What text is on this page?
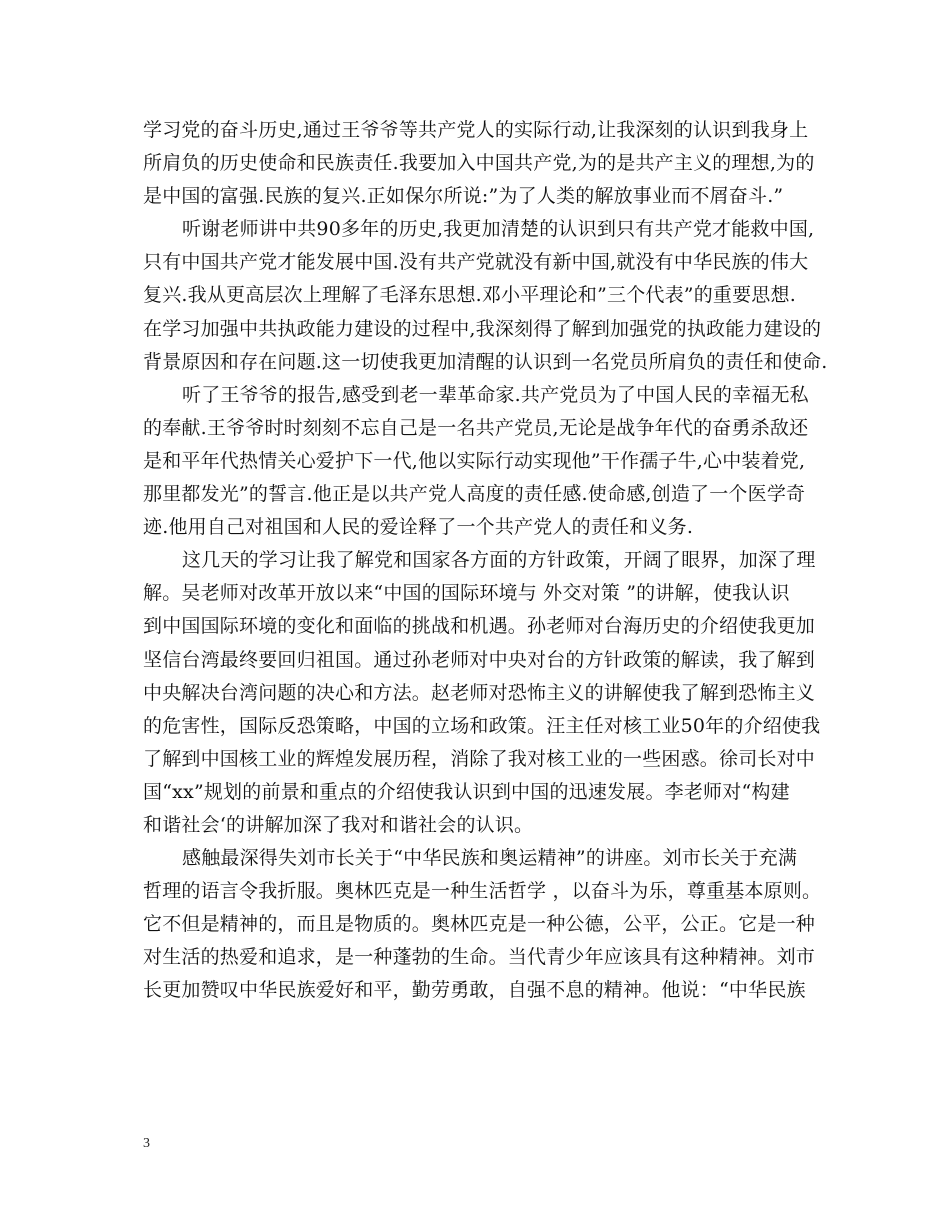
学习党的奋斗历史,通过王爷爷等共产党人的实际行动,让我深刻的认识到我身上
所肩负的历史使命和民族责任.我要加入中国共产党,为的是共产主义的理想,为的
是中国的富强.民族的复兴.正如保尔所说:”为了人类的解放事业而不屑奋斗.”

听谢老师讲中共90多年的历史,我更加清楚的认识到只有共产党才能救中国,
只有中国共产党才能发展中国.没有共产党就没有新中国,就没有中华民族的伟大
复兴.我从更高层次上理解了毛泽东思想.邓小平理论和”三个代表”的重要思想.
在学习加强中共执政能力建设的过程中,我深刻得了解到加强党的执政能力建设的
背景原因和存在问题.这一切使我更加清醒的认识到一名党员所肩负的责任和使命.

听了王爷爷的报告,感受到老一辈革命家.共产党员为了中国人民的幸福无私
的奉献.王爷爷时时刻刻不忘自己是一名共产党员,无论是战争年代的奋勇杀敌还
是和平年代热情关心爱护下一代,他以实际行动实现他”干作孺子牛,心中装着党,
那里都发光”的誓言.他正是以共产党人高度的责任感.使命感,创造了一个医学奇
迹.他用自己对祖国和人民的爱诠释了一个共产党人的责任和义务.

这几天的学习让我了解党和国家各方面的方针政策，开阔了眼界，加深了理
解。吴老师对改革开放以来“中国的国际环境与 外交对策 ”的讲解，使我认识
到中国国际环境的变化和面临的挑战和机遇。孙老师对台海历史的介绍使我更加
坚信台湾最终要回归祖国。通过孙老师对中央对台的方针政策的解读，我了解到
中央解决台湾问题的决心和方法。赵老师对恐怖主义的讲解使我了解到恐怖主义
的危害性，国际反恐策略，中国的立场和政策。汪主任对核工业50年的介绍使我
了解到中国核工业的辉煌发展历程，消除了我对核工业的一些困惑。徐司长对中
国“xx”规划的前景和重点的介绍使我认识到中国的迅速发展。李老师对“构建
和谐社会‘的讲解加深了我对和谐社会的认识。

感触最深得失刘市长关于“中华民族和奥运精神”的讲座。刘市长关于充满
哲理的语言令我折服。奥林匹克是一种生活哲学 ，以奋斗为乐，尊重基本原则。
它不但是精神的，而且是物质的。奥林匹克是一种公德，公平，公正。它是一种
对生活的热爱和追求，是一种蓬勃的生命。当代青少年应该具有这种精神。刘市
长更加赞叹中华民族爱好和平，勤劳勇敢，自强不息的精神。他说：“中华民族

3
